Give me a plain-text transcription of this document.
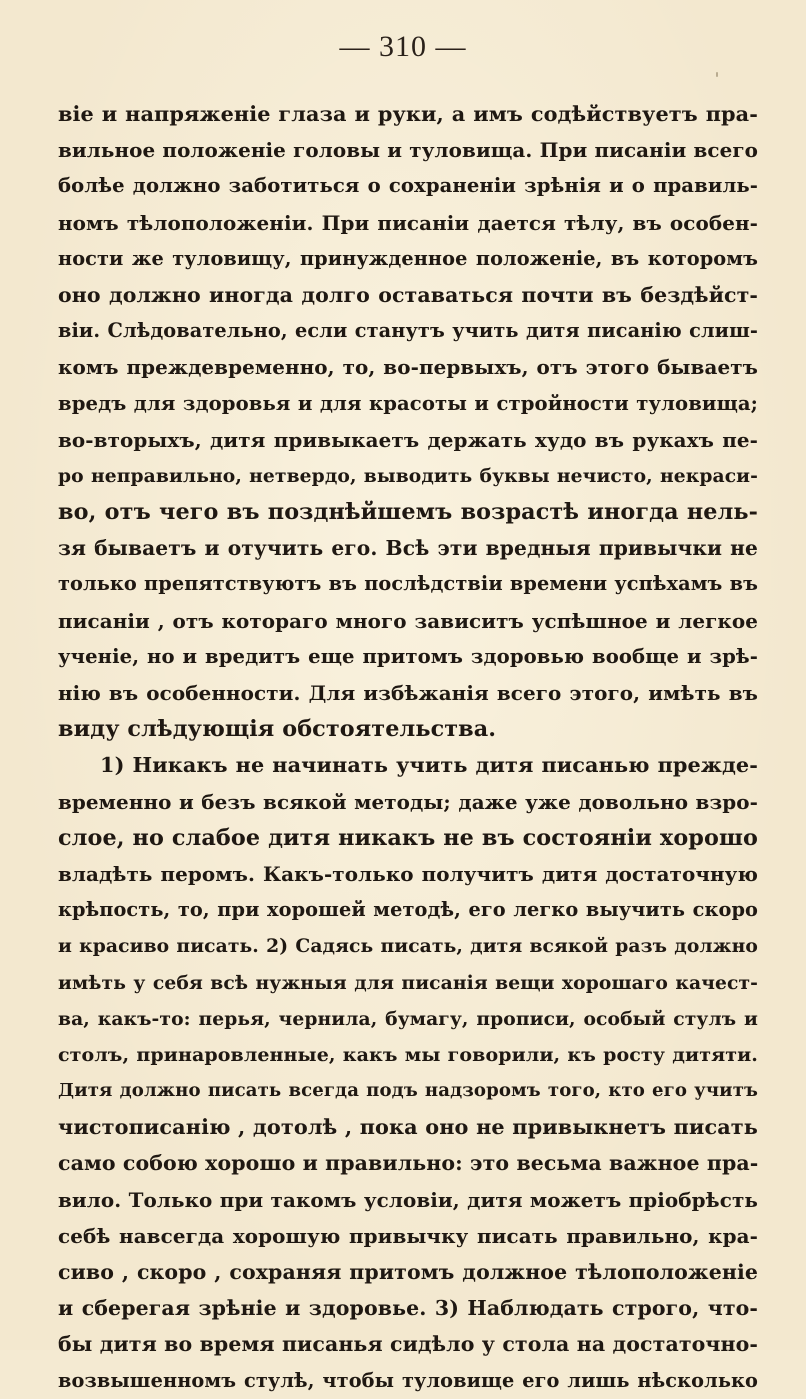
— 310 —
віе и напряженіе глаза и руки, а имъ содѣйствуетъ пра-
вильное положеніе головы и туловища. При писаніи всего
болѣе должно заботиться о сохраненіи зрѣнія и о правиль-
номъ тѣлоположеніи. При писаніи дается тѣлу, въ особен-
ности же туловищу, принужденное положеніе, въ которомъ
оно должно иногда долго оставаться почти въ бездѣйст-
віи. Слѣдовательно, если станутъ учить дитя писанію слиш-
комъ преждевременно, то, во-первыхъ, отъ этого бываетъ
вредъ для здоровья и для красоты и стройности туловища;
во-вторыхъ, дитя привыкаетъ держать худо въ рукахъ пе-
ро неправильно, нетвердо, выводить буквы нечисто, некраси-
во, отъ чего въ позднѣйшемъ возрастѣ иногда нель-
зя бываетъ и отучить его. Всѣ эти вредныя привычки не
только препятствуютъ въ послѣдствіи времени успѣхамъ въ
писаніи , отъ котораго много зависитъ успѣшное и легкое
ученіе, но и вредитъ еще притомъ здоровью вообще и зрѣ-
нію въ особенности. Для избѣжанія всего этого, имѣть въ
виду слѣдующія обстоятельства.
1) Никакъ не начинать учить дитя писанью прежде-
временно и безъ всякой методы; даже уже довольно взро-
слое, но слабое дитя никакъ не въ состояніи хорошо
владѣть перомъ. Какъ-только получитъ дитя достаточную
крѣпость, то, при хорошей методѣ, его легко выучить скоро
и красиво писать. 2) Садясь писать, дитя всякой разъ должно
имѣть у себя всѣ нужныя для писанія вещи хорошаго качест-
ва, какъ-то: перья, чернила, бумагу, прописи, особый стулъ и
столъ, принаровленные, какъ мы говорили, къ росту дитяти.
Дитя должно писать всегда подъ надзоромъ того, кто его учитъ
чистописанію , дотолѣ , пока оно не привыкнетъ писать
само собою хорошо и правильно: это весьма важное пра-
вило. Только при такомъ условіи, дитя можетъ пріобрѣсть
себѣ навсегда хорошую привычку писать правильно, кра-
сиво , скоро , сохраняя притомъ должное тѣлоположеніе
и сберегая зрѣніе и здоровье. 3) Наблюдать строго, что-
бы дитя во время писанья сидѣло у стола на достаточно-
возвышенномъ стулѣ, чтобы туловище его лишь нѣсколько
